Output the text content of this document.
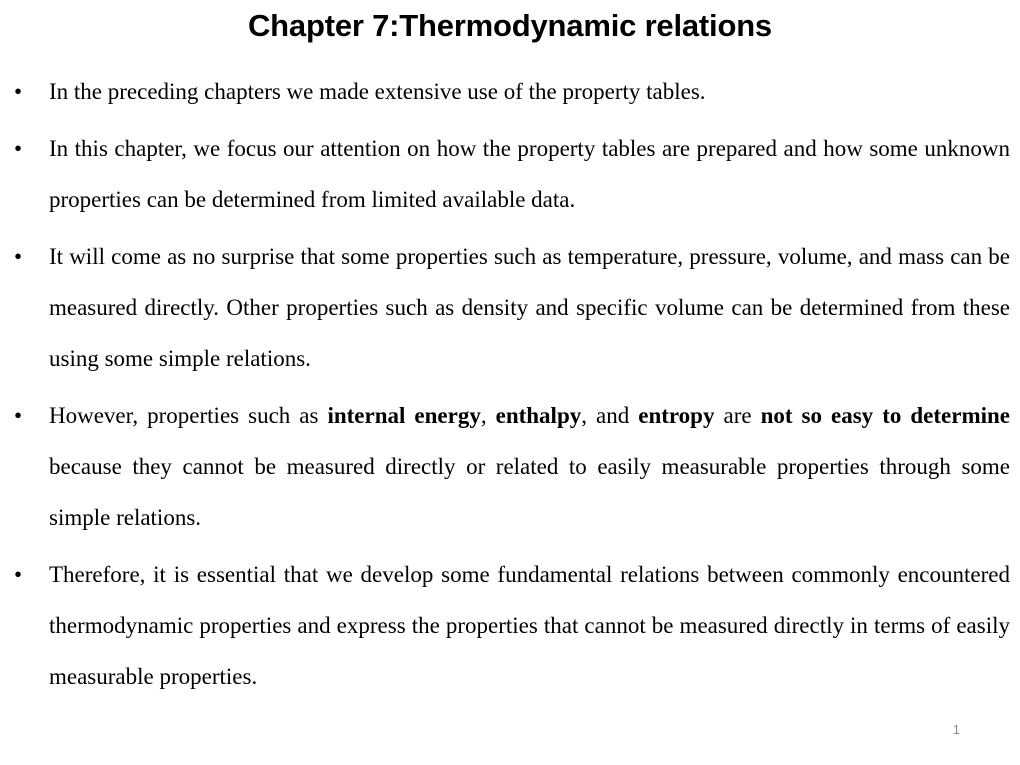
Chapter 7:Thermodynamic relations
• In the preceding chapters we made extensive use of the property tables.
• In this chapter, we focus our attention on how the property tables are prepared and how some unknown properties can be determined from limited available data.
• It will come as no surprise that some properties such as temperature, pressure, volume, and mass can be measured directly. Other properties such as density and specific volume can be determined from these using some simple relations.
• However, properties such as internal energy, enthalpy, and entropy are not so easy to determine because they cannot be measured directly or related to easily measurable properties through some simple relations.
• Therefore, it is essential that we develop some fundamental relations between commonly encountered thermodynamic properties and express the properties that cannot be measured directly in terms of easily measurable properties.
1
